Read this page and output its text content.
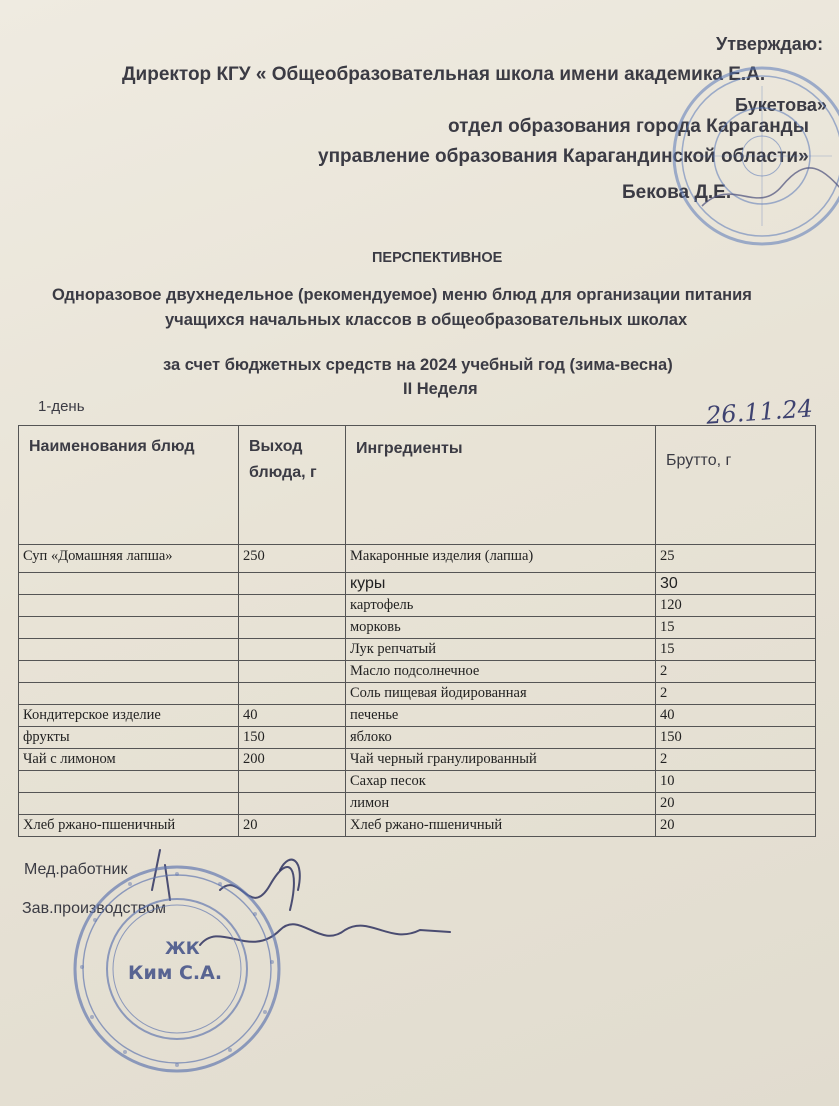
Утверждаю:
Директор КГУ « Общеобразовательная школа имени академика Е.А.
Букетова»
отдел образования города Караганды
управление образования Карагандинской области»
Бекова Д.Е.
ПЕРСПЕКТИВНОЕ
Одноразовое двухнедельное (рекомендуемое) меню блюд для организации питания
учащихся начальных классов в общеобразовательных школах
за счет бюджетных средств на 2024 учебный год (зима-весна)
II Неделя
1-день	26.11.24
Наименования блюд	Выход блюда, г	Ингредиенты	Брутто, г
Суп «Домашняя лапша»	250	Макаронные изделия (лапша)	25
		куры	30
		картофель	120
		морковь	15
		Лук репчатый	15
		Масло подсолнечное	2
		Соль пищевая йодированная	2
Кондитерское изделие	40	печенье	40
фрукты	150	яблоко	150
Чай с лимоном	200	Чай черный гранулированный	2
		Сахар песок	10
		лимон	20
Хлеб ржано-пшеничный	20	Хлеб ржано-пшеничный	20
Мед.работник
Зав.производством
ЖК
Ким С.А.
